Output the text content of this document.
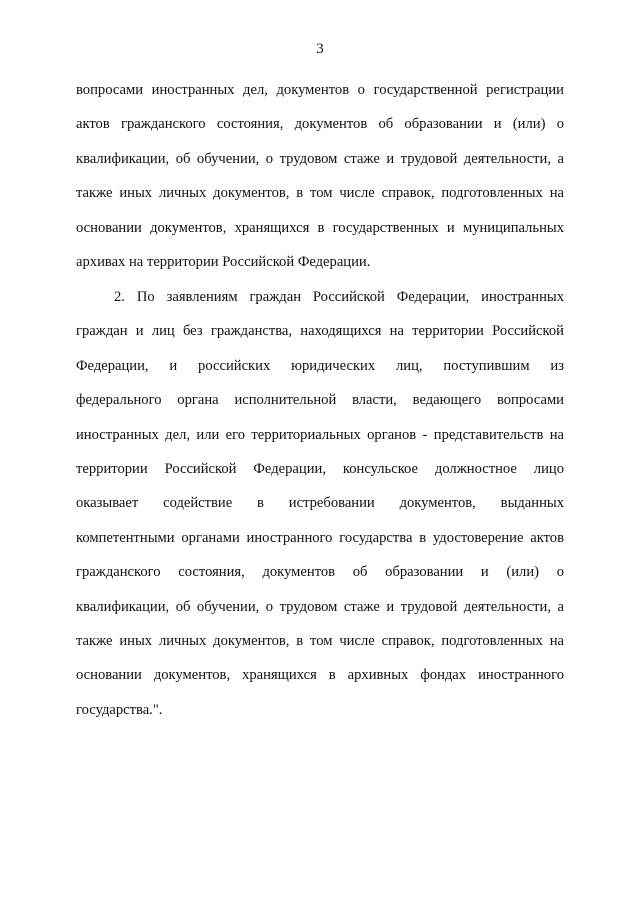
3
вопросами иностранных дел, документов о государственной регистрации
актов гражданского состояния, документов об образовании и (или) о
квалификации, об обучении, о трудовом стаже и трудовой деятельности, а
также иных личных документов, в том числе справок, подготовленных на
основании документов, хранящихся в государственных и муниципальных
архивах на территории Российской Федерации.
2. По заявлениям граждан Российской Федерации, иностранных
граждан и лиц без гражданства, находящихся на территории Российской
Федерации, и российских юридических лиц, поступившим из
федерального органа исполнительной власти, ведающего вопросами
иностранных дел, или его территориальных органов - представительств на
территории Российской Федерации, консульское должностное лицо
оказывает содействие в истребовании документов, выданных
компетентными органами иностранного государства в удостоверение актов
гражданского состояния, документов об образовании и (или) о
квалификации, об обучении, о трудовом стаже и трудовой деятельности, а
также иных личных документов, в том числе справок, подготовленных на
основании документов, хранящихся в архивных фондах иностранного
государства.".
